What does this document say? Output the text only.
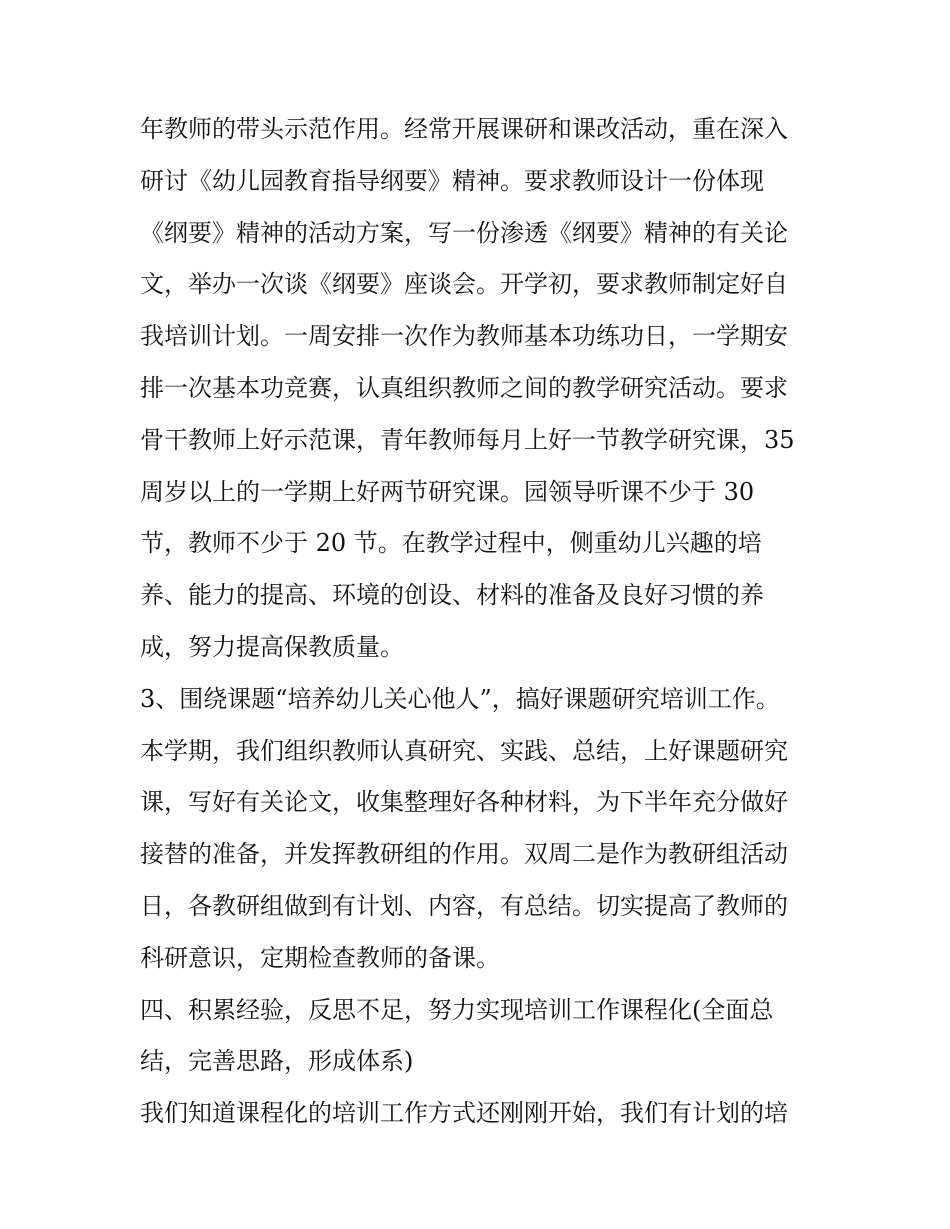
年教师的带头示范作用。经常开展课研和课改活动，重在深入
研讨《幼儿园教育指导纲要》精神。要求教师设计一份体现
《纲要》精神的活动方案，写一份渗透《纲要》精神的有关论
文，举办一次谈《纲要》座谈会。开学初，要求教师制定好自
我培训计划。一周安排一次作为教师基本功练功日，一学期安
排一次基本功竞赛，认真组织教师之间的教学研究活动。要求
骨干教师上好示范课，青年教师每月上好一节教学研究课，35
周岁以上的一学期上好两节研究课。园领导听课不少于 30
节，教师不少于 20 节。在教学过程中，侧重幼儿兴趣的培
养、能力的提高、环境的创设、材料的准备及良好习惯的养
成，努力提高保教质量。
3、围绕课题“培养幼儿关心他人”，搞好课题研究培训工作。
本学期，我们组织教师认真研究、实践、总结，上好课题研究
课，写好有关论文，收集整理好各种材料，为下半年充分做好
接替的准备，并发挥教研组的作用。双周二是作为教研组活动
日，各教研组做到有计划、内容，有总结。切实提高了教师的
科研意识，定期检查教师的备课。
四、积累经验，反思不足，努力实现培训工作课程化(全面总
结，完善思路，形成体系)
我们知道课程化的培训工作方式还刚刚开始，我们有计划的培
